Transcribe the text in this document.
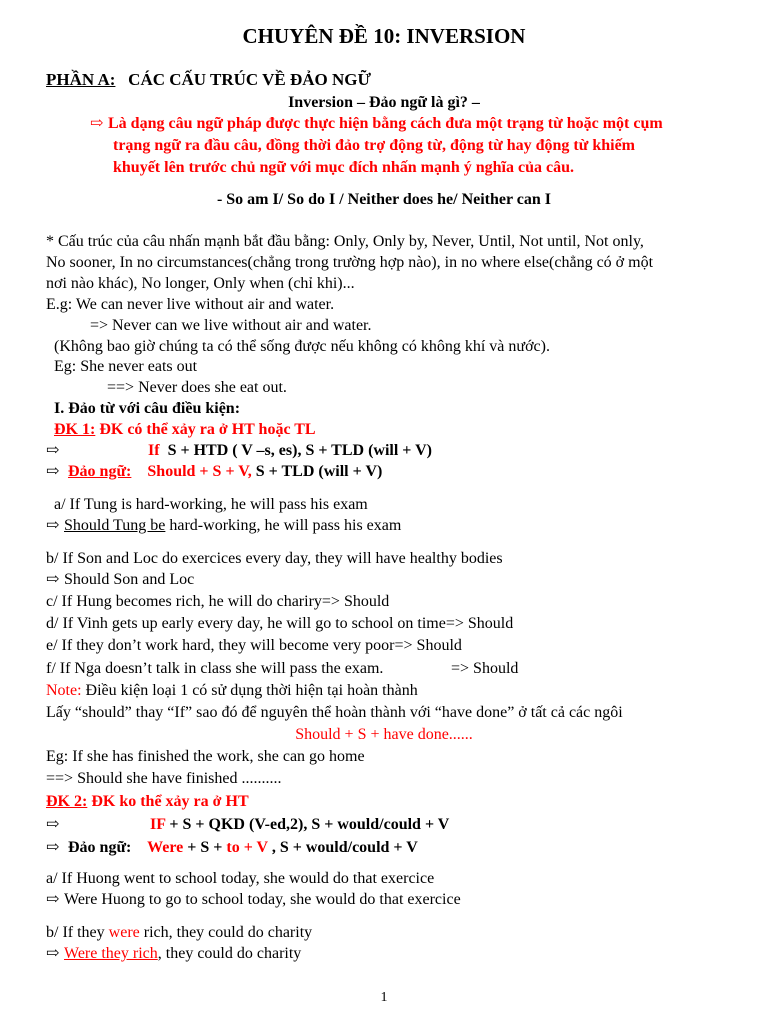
CHUYÊN ĐỀ 10: INVERSION
PHẦN A: CÁC CẤU TRÚC VỀ ĐẢO NGỮ
Inversion – Đảo ngữ là gì? –
⇨ Là dạng câu ngữ pháp được thực hiện bằng cách đưa một trạng từ hoặc một cụm
trạng ngữ ra đầu câu, đồng thời đảo trợ động từ, động từ hay động từ khiếm
khuyết lên trước chủ ngữ với mục đích nhấn mạnh ý nghĩa của câu.
- So am I/ So do I / Neither does he/ Neither can I
* Cấu trúc của câu nhấn mạnh bắt đầu bằng: Only, Only by, Never, Until, Not until, Not only,
No sooner, In no circumstances(chẳng trong trường hợp nào), in no where else(chẳng có ở một
nơi nào khác), No longer, Only when (chỉ khi)...
E.g: We can never live without air and water.
=> Never can we live without air and water.
(Không bao giờ chúng ta có thể sống được nếu không có không khí và nước).
Eg: She never eats out
==> Never does she eat out.
I. Đảo từ với câu điều kiện:
ĐK 1: ĐK có thể xảy ra ở HT hoặc TL
⇨	If S + HTD ( V –s, es), S + TLD (will + V)
⇨ Đảo ngữ: Should + S + V, S + TLD (will + V)
a/ If Tung is hard-working, he will pass his exam
⇨ Should Tung be hard-working, he will pass his exam
b/ If Son and Loc do exercices every day, they will have healthy bodies
⇨ Should Son and Loc
c/ If Hung becomes rich, he will do chariry=> Should
d/ If Vinh gets up early every day, he will go to school on time=> Should
e/ If they don’t work hard, they will become very poor=> Should
f/ If Nga doesn’t talk in class she will pass the exam.	=> Should
Note: Điều kiện loại 1 có sử dụng thời hiện tại hoàn thành
Lấy “should” thay “If” sao đó để nguyên thể hoàn thành với “have done” ở tất cả các ngôi
Should + S + have done......
Eg: If she has finished the work, she can go home
==> Should she have finished ..........
ĐK 2: ĐK ko thể xảy ra ở HT
⇨	IF + S + QKD (V-ed,2), S + would/could + V
⇨ Đảo ngữ: Were + S + to + V , S + would/could + V
a/ If Huong went to school today, she would do that exercice
⇨ Were Huong to go to school today, she would do that exercice
b/ If they were rich, they could do charity
⇨ Were they rich, they could do charity
1
